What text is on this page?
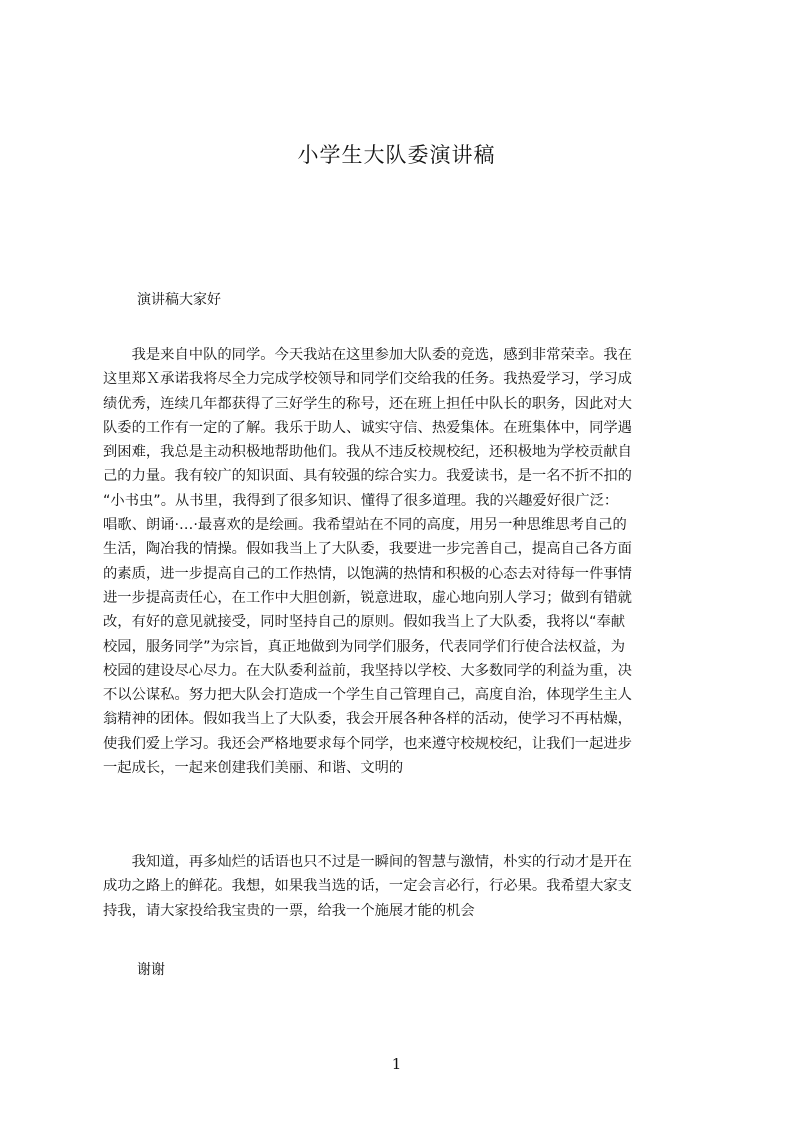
小学生大队委演讲稿
演讲稿大家好
　　我是来自中队的同学。今天我站在这里参加大队委的竞选，感到非常荣幸。我在
这里郑Ｘ承诺我将尽全力完成学校领导和同学们交给我的任务。我热爱学习，学习成
绩优秀，连续几年都获得了三好学生的称号，还在班上担任中队长的职务，因此对大
队委的工作有一定的了解。我乐于助人、诚实守信、热爱集体。在班集体中，同学遇
到困难，我总是主动积极地帮助他们。我从不违反校规校纪，还积极地为学校贡献自
己的力量。我有较广的知识面、具有较强的综合实力。我爱读书，是一名不折不扣的
“小书虫”。从书里，我得到了很多知识、懂得了很多道理。我的兴趣爱好很广泛：
唱歌、朗诵·…·最喜欢的是绘画。我希望站在不同的高度，用另一种思维思考自己的
生活，陶冶我的情操。假如我当上了大队委，我要进一步完善自己，提高自己各方面
的素质，进一步提高自己的工作热情，以饱满的热情和积极的心态去对待每一件事情
进一步提高责任心，在工作中大胆创新，锐意进取，虚心地向别人学习；做到有错就
改，有好的意见就接受，同时坚持自己的原则。假如我当上了大队委，我将以“奉献
校园，服务同学”为宗旨，真正地做到为同学们服务，代表同学们行使合法权益，为
校园的建设尽心尽力。在大队委利益前，我坚持以学校、大多数同学的利益为重，决
不以公谋私。努力把大队会打造成一个学生自己管理自己，高度自治，体现学生主人
翁精神的团体。假如我当上了大队委，我会开展各种各样的活动，使学习不再枯燥，
使我们爱上学习。我还会严格地要求每个同学，也来遵守校规校纪，让我们一起进步
一起成长，一起来创建我们美丽、和谐、文明的
　　我知道，再多灿烂的话语也只不过是一瞬间的智慧与激情，朴实的行动才是开在
成功之路上的鲜花。我想，如果我当选的话，一定会言必行，行必果。我希望大家支
持我，请大家投给我宝贵的一票，给我一个施展才能的机会
谢谢
1
